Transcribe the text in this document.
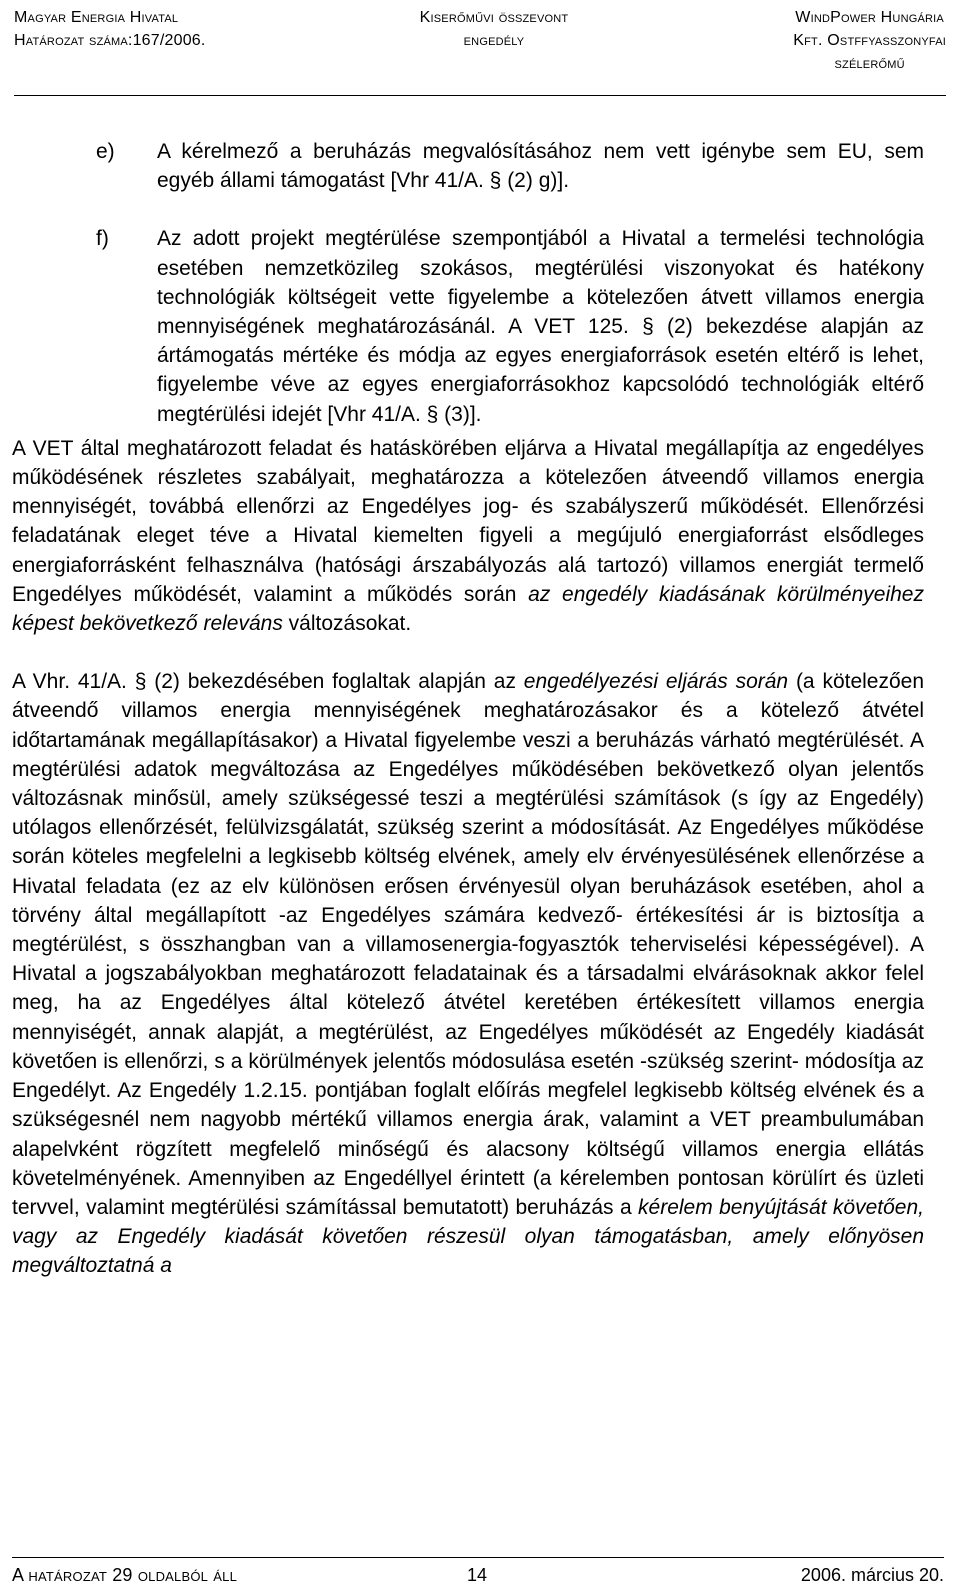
Magyar Energia Hivatal
Határozat száma:167/2006.
Kiserőművi összevont
engedély
WindPower Hungária
Kft. Ostffyasszonyfai
szélerőmű
e) A kérelmező a beruházás megvalósításához nem vett igénybe sem EU, sem egyéb állami támogatást [Vhr 41/A. § (2) g)].
f) Az adott projekt megtérülése szempontjából a Hivatal a termelési technológia esetében nemzetközileg szokásos, megtérülési viszonyokat és hatékony technológiák költségeit vette figyelembe a kötelezően átvett villamos energia mennyiségének meghatározásánál. A VET 125. § (2) bekezdése alapján az ártámogatás mértéke és módja az egyes energiaforrások esetén eltérő is lehet, figyelembe véve az egyes energiaforrásokhoz kapcsolódó technológiák eltérő megtérülési idejét [Vhr 41/A. § (3)].

A VET által meghatározott feladat és hatáskörében eljárva a Hivatal megállapítja az engedélyes működésének részletes szabályait, meghatározza a kötelezően átveendő villamos energia mennyiségét, továbbá ellenőrzi az Engedélyes jog- és szabályszerű működését. Ellenőrzési feladatának eleget téve a Hivatal kiemelten figyeli a megújuló energiaforrást elsődleges energiaforrásként felhasználva (hatósági árszabályozás alá tartozó) villamos energiát termelő Engedélyes működését, valamint a működés során az engedély kiadásának körülményeihez képest bekövetkező releváns változásokat.

A Vhr. 41/A. § (2) bekezdésében foglaltak alapján az engedélyezési eljárás során (a kötelezően átveendő villamos energia mennyiségének meghatározásakor és a kötelező átvétel időtartamának megállapításakor) a Hivatal figyelembe veszi a beruházás várható megtérülését. A megtérülési adatok megváltozása az Engedélyes működésében bekövetkező olyan jelentős változásnak minősül, amely szükségessé teszi a megtérülési számítások (s így az Engedély) utólagos ellenőrzését, felülvizsgálatát, szükség szerint a módosítását. Az Engedélyes működése során köteles megfelelni a legkisebb költség elvének, amely elv érvényesülésének ellenőrzése a Hivatal feladata (ez az elv különösen erősen érvényesül olyan beruházások esetében, ahol a törvény által megállapított -az Engedélyes számára kedvező- értékesítési ár is biztosítja a megtérülést, s összhangban van a villamosenergia-fogyasztók teherviselési képességével). A Hivatal a jogszabályokban meghatározott feladatainak és a társadalmi elvárásoknak akkor felel meg, ha az Engedélyes által kötelező átvétel keretében értékesített villamos energia mennyiségét, annak alapját, a megtérülést, az Engedélyes működését az Engedély kiadását követően is ellenőrzi, s a körülmények jelentős módosulása esetén -szükség szerint- módosítja az Engedélyt. Az Engedély 1.2.15. pontjában foglalt előírás megfelel legkisebb költség elvének és a szükségesnél nem nagyobb mértékű villamos energia árak, valamint a VET preambulumában alapelvként rögzített megfelelő minőségű és alacsony költségű villamos energia ellátás követelményének. Amennyiben az Engedéllyel érintett (a kérelemben pontosan körülírt és üzleti tervvel, valamint megtérülési számítással bemutatott) beruházás a kérelem benyújtását követően, vagy az Engedély kiadását követően részesül olyan támogatásban, amely előnyösen megváltoztatná a

A határozat 29 oldalból áll	14	2006. március 20.
